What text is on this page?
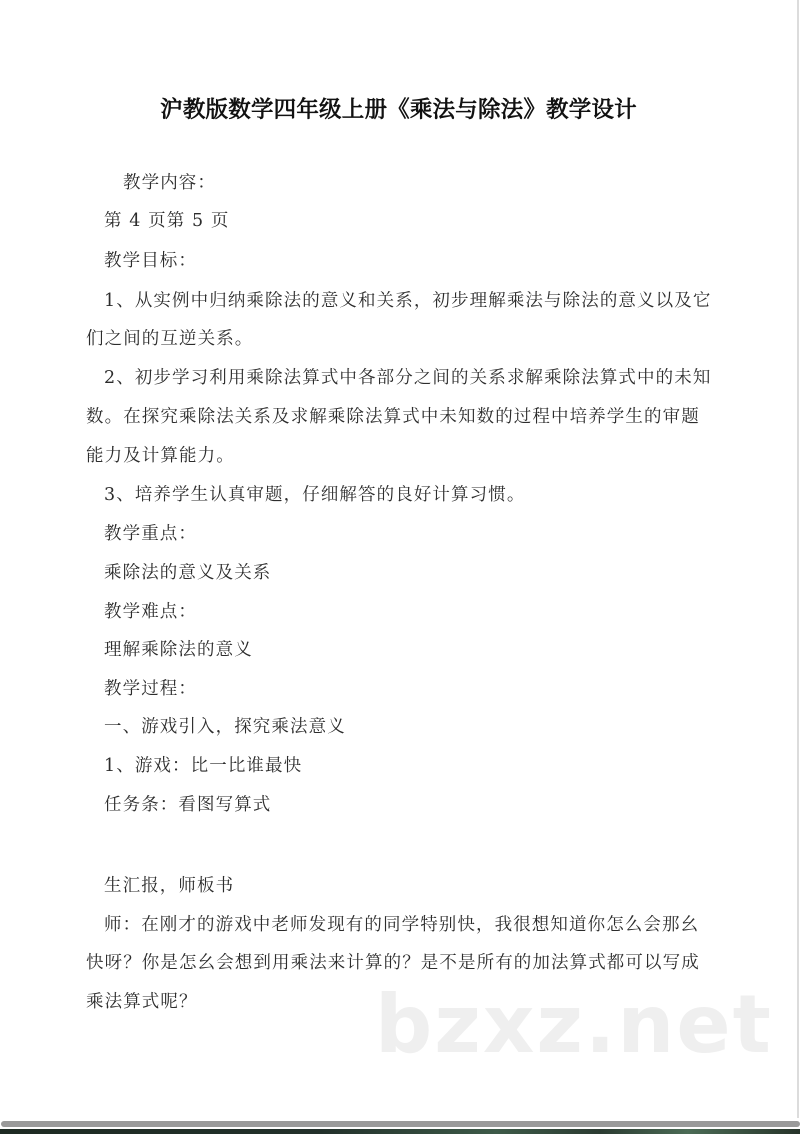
沪教版数学四年级上册《乘法与除法》教学设计
教学内容：
第 4 页第 5 页
教学目标：
1、从实例中归纳乘除法的意义和关系，初步理解乘法与除法的意义以及它
们之间的互逆关系。
2、初步学习利用乘除法算式中各部分之间的关系求解乘除法算式中的未知
数。在探究乘除法关系及求解乘除法算式中未知数的过程中培养学生的审题
能力及计算能力。
3、培养学生认真审题，仔细解答的良好计算习惯。
教学重点：
乘除法的意义及关系
教学难点：
理解乘除法的意义
教学过程：
一、游戏引入，探究乘法意义
1、游戏：比一比谁最快
任务条：看图写算式
生汇报，师板书
师：在刚才的游戏中老师发现有的同学特别快，我很想知道你怎么会那幺
快呀？你是怎幺会想到用乘法来计算的？是不是所有的加法算式都可以写成
乘法算式呢？ bzxz.net
